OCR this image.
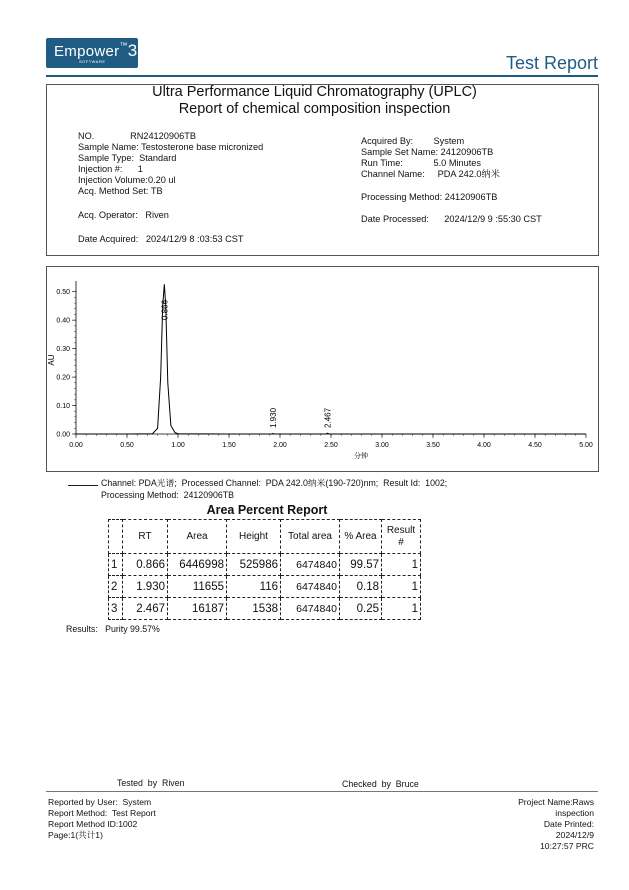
Empower™3
SOFTWARE	Test Report
Ultra Performance Liquid Chromatography (UPLC)
Report of chemical composition inspection
NO.              RN24120906TB
Sample Name: Testosterone base micronized
Sample Type:  Standard
Injection #:      1
Injection Volume:0.20 ul
Acq. Method Set: TB
Acq. Operator:   Riven
Date Acquired:   2024/12/9 8 :03:53 CST
Acquired By:        System
Sample Set Name: 24120906TB
Run Time:            5.0 Minutes
Channel Name:     PDA 242.0纳米
Processing Method: 24120906TB
Date Processed:      2024/12/9 9 :55:30 CST
0.00	0.50	1.00	1.50	2.00	2.50	3.00	3.50	4.00	4.50	5.00
0.00
0.10
0.20
0.30
0.40
0.50
AU
分钟
0.866
1.930	2.467
Channel: PDA光谱;  Processed Channel:  PDA 242.0纳米(190-720)nm;  Result Id:  1002;
Processing Method:  24120906TB
Area Percent Report
	RT	Area	Height	Total area	% Area	Result
#
1	0.866	6446998	525986	6474840	99.57	1
2	1.930	11655	116	6474840	0.18	1
3	2.467	16187	1538	6474840	0.25	1
Results:   Purity 99.57%
Tested  by  Riven	Checked  by  Bruce
Reported by User:  System
Report Method:  Test Report
Report Method ID:1002
Page:1(共计1)
Project Name:Raws
inspection
Date Printed:
2024/12/9
10:27:57 PRC
